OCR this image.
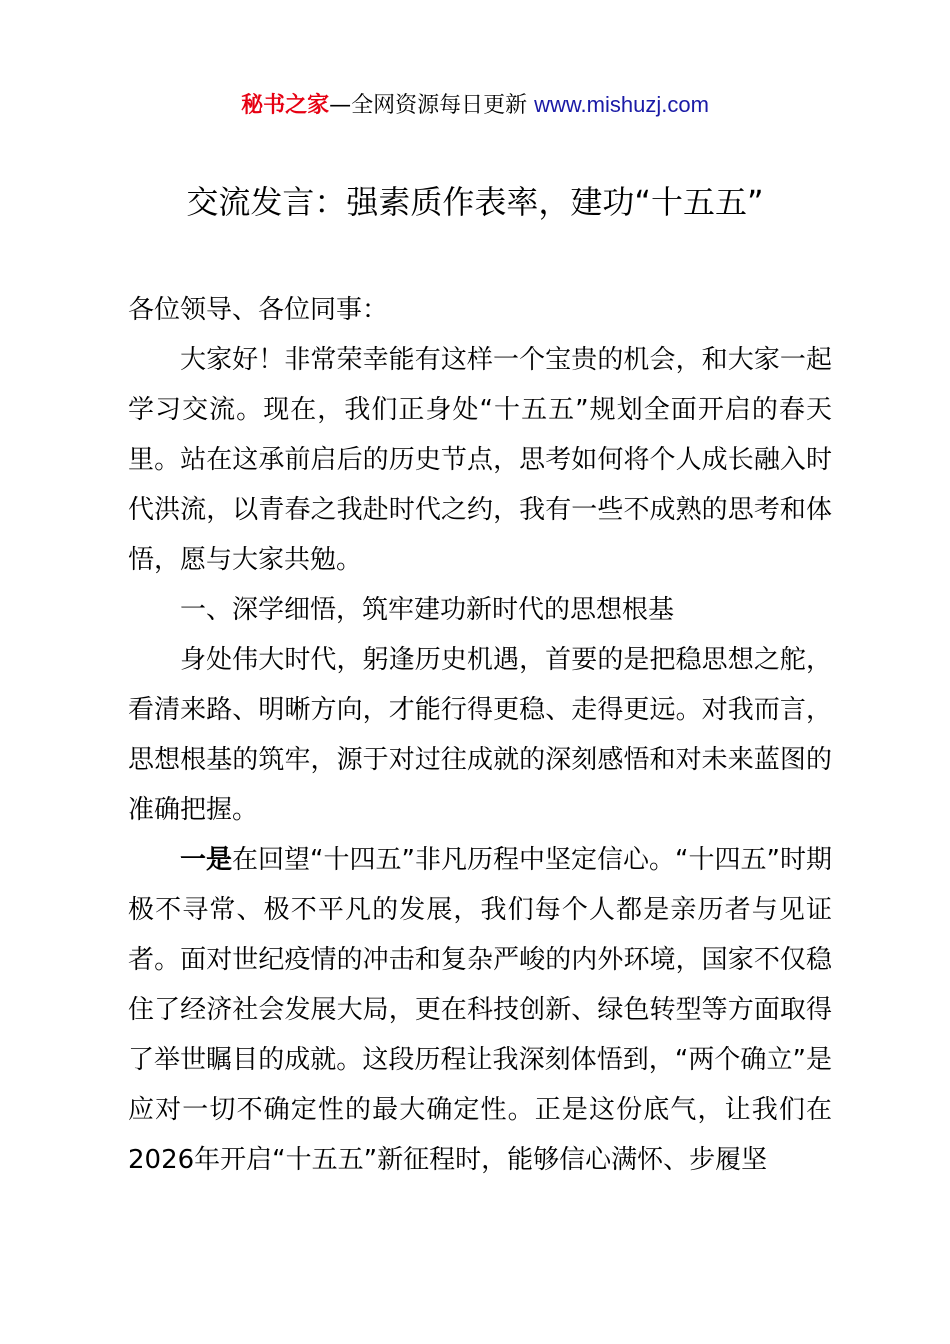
秘书之家—全网资源每日更新 www.mishuzj.com
交流发言：强素质作表率，建功“十五五”

各位领导、各位同事：

大家好！非常荣幸能有这样一个宝贵的机会，和大家一起学习交流。现在，我们正身处“十五五”规划全面开启的春天里。站在这承前启后的历史节点，思考如何将个人成长融入时代洪流，以青春之我赴时代之约，我有一些不成熟的思考和体悟，愿与大家共勉。

一、深学细悟，筑牢建功新时代的思想根基

身处伟大时代，躬逢历史机遇，首要的是把稳思想之舵，看清来路、明晰方向，才能行得更稳、走得更远。对我而言，思想根基的筑牢，源于对过往成就的深刻感悟和对未来蓝图的准确把握。

一是在回望“十四五”非凡历程中坚定信心。“十四五”时期极不寻常、极不平凡的发展，我们每个人都是亲历者与见证者。面对世纪疫情的冲击和复杂严峻的内外环境，国家不仅稳住了经济社会发展大局，更在科技创新、绿色转型等方面取得了举世瞩目的成就。这段历程让我深刻体悟到，“两个确立”是应对一切不确定性的最大确定性。正是这份底气，让我们在2026年开启“十五五”新征程时，能够信心满怀、步履坚
